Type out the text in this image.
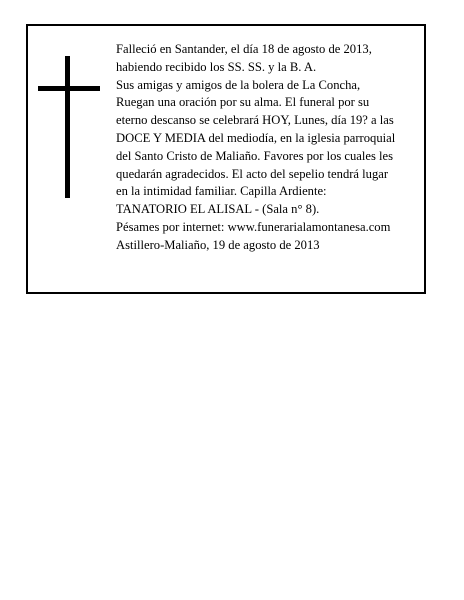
Falleció en Santander, el día 18 de agosto de 2013,
habiendo recibido los SS. SS. y la B. A.
Sus amigas y amigos de la bolera de La Concha,
Ruegan una oración por su alma. El funeral por su
eterno descanso se celebrará HOY, Lunes, día 19? a las
DOCE Y MEDIA del mediodía, en la iglesia parroquial
del Santo Cristo de Maliaño. Favores por los cuales les
quedarán agradecidos. El acto del sepelio tendrá lugar
en la intimidad familiar. Capilla Ardiente:
TANATORIO EL ALISAL - (Sala n° 8).
Pésames por internet: www.funerarialamontanesa.com
Astillero-Maliaño, 19 de agosto de 2013
